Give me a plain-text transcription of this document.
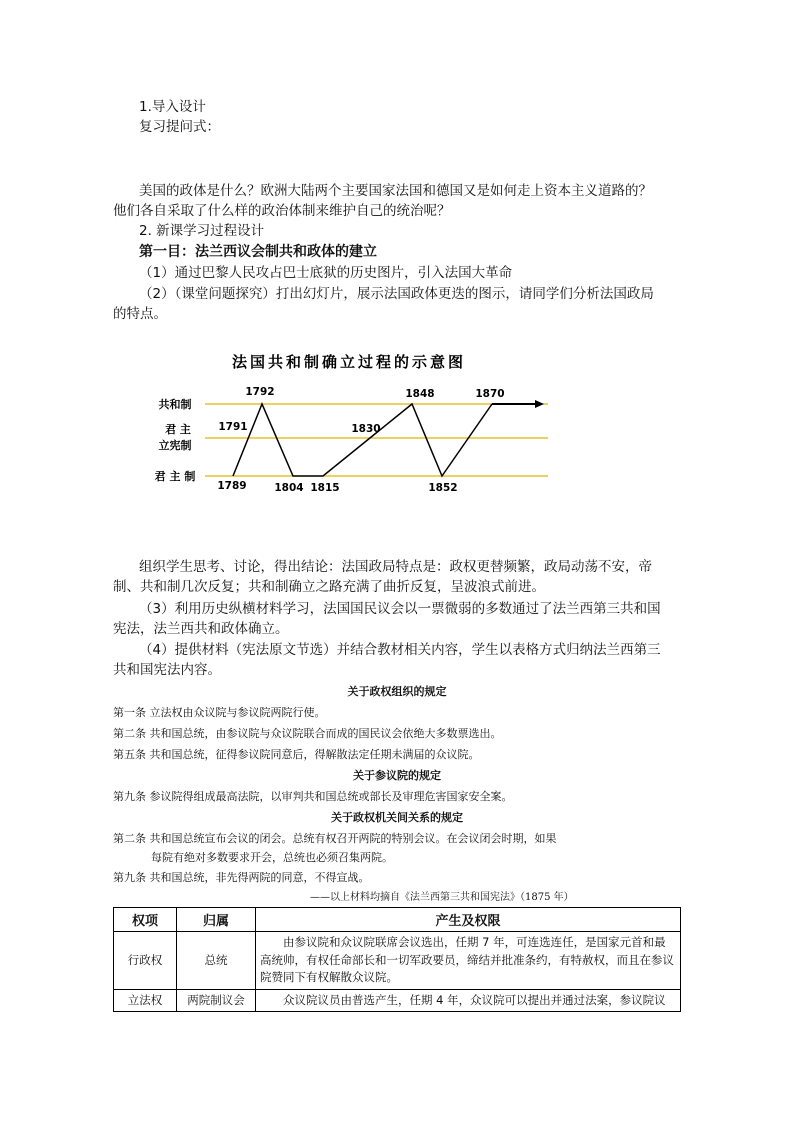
1.导入设计
复习提问式：
美国的政体是什么？欧洲大陆两个主要国家法国和德国又是如何走上资本主义道路的？
他们各自采取了什么样的政治体制来维护自己的统治呢？
2. 新课学习过程设计
第一目：法兰西议会制共和政体的建立
（1）通过巴黎人民攻占巴士底狱的历史图片，引入法国大革命
（2）（课堂问题探究）打出幻灯片，展示法国政体更迭的图示，请同学们分析法国政局
的特点。
法国共和制确立过程的示意图
共和制
君 主
立宪制
君 主 制
1789
1791
1792
1804 1815
1830
1848
1852
1870
组织学生思考、讨论，得出结论：法国政局特点是：政权更替频繁，政局动荡不安，帝
制、共和制几次反复；共和制确立之路充满了曲折反复，呈波浪式前进。
（3）利用历史纵横材料学习，法国国民议会以一票微弱的多数通过了法兰西第三共和国
宪法，法兰西共和政体确立。
（4）提供材料（宪法原文节选）并结合教材相关内容，学生以表格方式归纳法兰西第三
共和国宪法内容。
关于政权组织的规定
第一条 立法权由众议院与参议院两院行使。
第二条 共和国总统，由参议院与众议院联合而成的国民议会依绝大多数票选出。
第五条 共和国总统，征得参议院同意后，得解散法定任期未满届的众议院。
关于参议院的规定
第九条 参议院得组成最高法院，以审判共和国总统或部长及审理危害国家安全案。
关于政权机关间关系的规定
第二条 共和国总统宣布会议的闭会。总统有权召开两院的特别会议。在会议闭会时期，如果
每院有绝对多数要求开会，总统也必须召集两院。
第九条 共和国总统，非先得两院的同意，不得宣战。
——以上材料均摘自《法兰西第三共和国宪法》（1875 年）
权项	归属	产生及权限
行政权	总统	由参议院和众议院联席会议选出，任期 7 年，可连选连任，是国家元首和最高统帅，有权任命部长和一切军政要员，缔结并批准条约，有特赦权，而且在参议院赞同下有权解散众议院。
立法权	两院制议会	众议院议员由普选产生，任期 4 年，众议院可以提出并通过法案，参议院议
